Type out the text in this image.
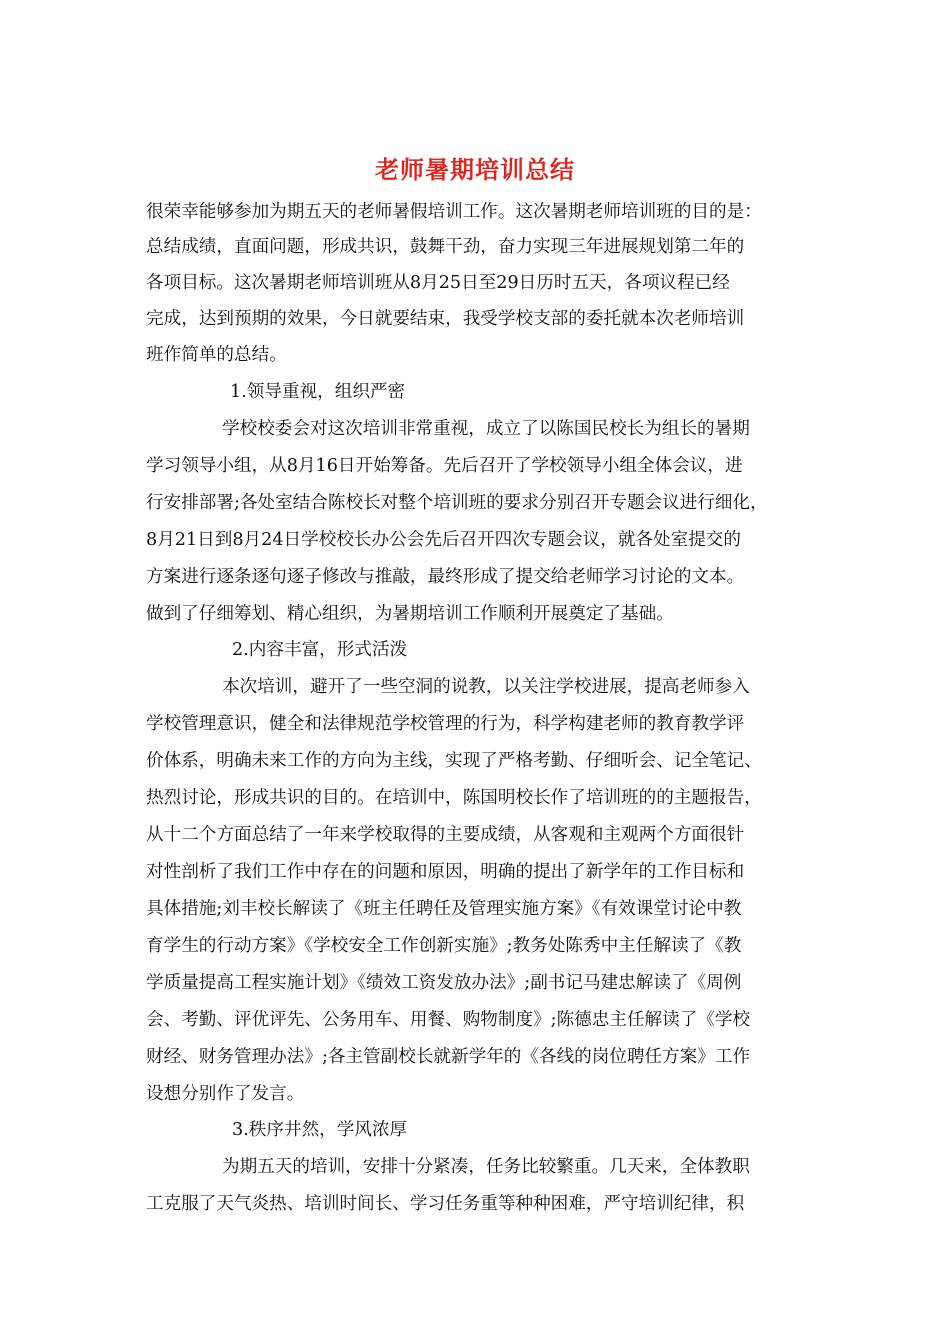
老师暑期培训总结
很荣幸能够参加为期五天的老师暑假培训工作。这次暑期老师培训班的目的是：
总结成绩，直面问题，形成共识，鼓舞干劲，奋力实现三年进展规划第二年的
各项目标。这次暑期老师培训班从8月25日至29日历时五天，各项议程已经
完成，达到预期的效果，今日就要结束，我受学校支部的委托就本次老师培训
班作简单的总结。
1.领导重视，组织严密
学校校委会对这次培训非常重视，成立了以陈国民校长为组长的暑期
学习领导小组，从8月16日开始筹备。先后召开了学校领导小组全体会议，进
行安排部署;各处室结合陈校长对整个培训班的要求分别召开专题会议进行细化，
8月21日到8月24日学校校长办公会先后召开四次专题会议，就各处室提交的
方案进行逐条逐句逐子修改与推敲，最终形成了提交给老师学习讨论的文本。
做到了仔细筹划、精心组织，为暑期培训工作顺利开展奠定了基础。
2.内容丰富，形式活泼
本次培训，避开了一些空洞的说教，以关注学校进展，提高老师参入
学校管理意识，健全和法律规范学校管理的行为，科学构建老师的教育教学评
价体系，明确未来工作的方向为主线，实现了严格考勤、仔细听会、记全笔记、
热烈讨论，形成共识的目的。在培训中，陈国明校长作了培训班的的主题报告，
从十二个方面总结了一年来学校取得的主要成绩，从客观和主观两个方面很针
对性剖析了我们工作中存在的问题和原因，明确的提出了新学年的工作目标和
具体措施;刘丰校长解读了《班主任聘任及管理实施方案》《有效课堂讨论中教
育学生的行动方案》《学校安全工作创新实施》;教务处陈秀中主任解读了《教
学质量提高工程实施计划》《绩效工资发放办法》;副书记马建忠解读了《周例
会、考勤、评优评先、公务用车、用餐、购物制度》;陈德忠主任解读了《学校
财经、财务管理办法》;各主管副校长就新学年的《各线的岗位聘任方案》工作
设想分别作了发言。
3.秩序井然，学风浓厚
为期五天的培训，安排十分紧凑，任务比较繁重。几天来，全体教职
工克服了天气炎热、培训时间长、学习任务重等种种困难，严守培训纪律，积
